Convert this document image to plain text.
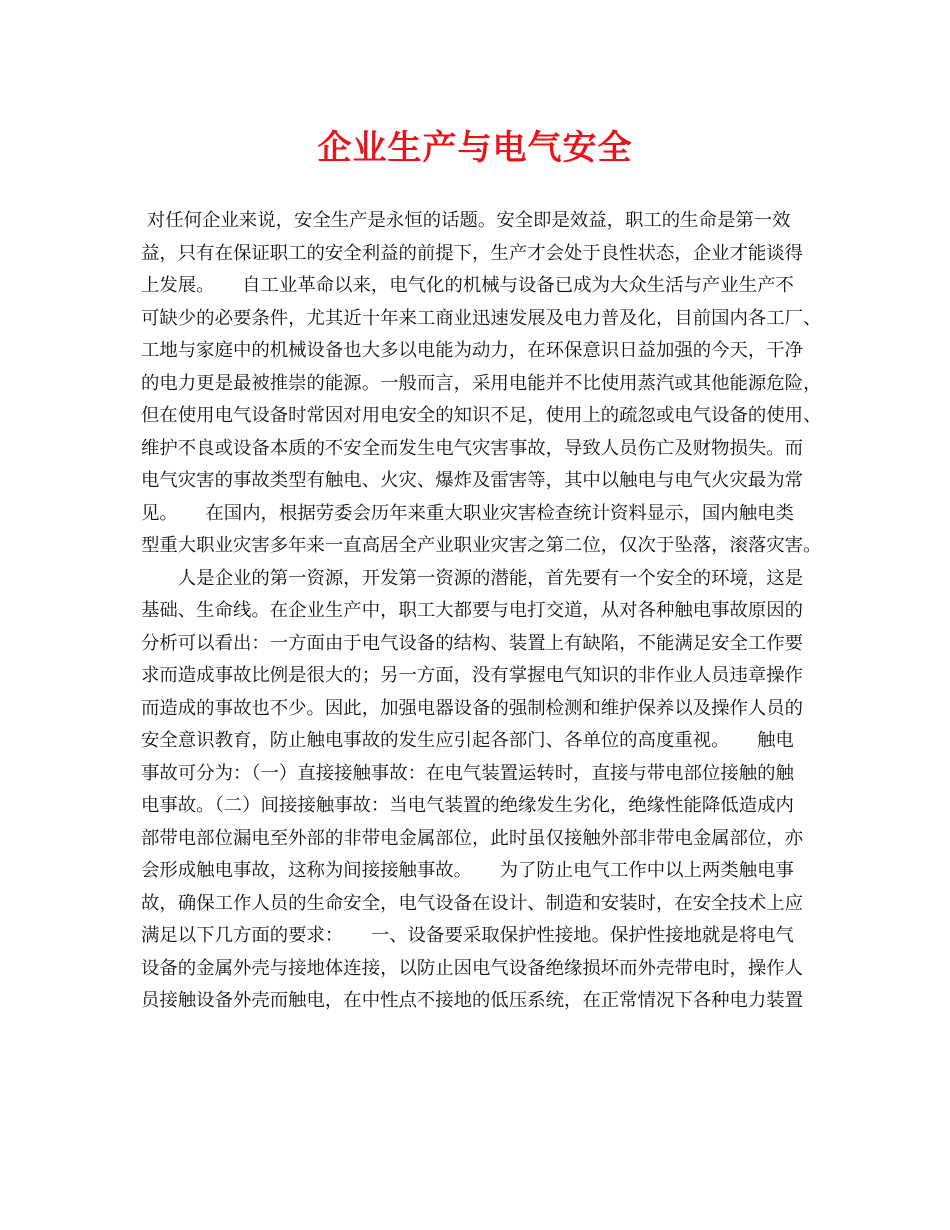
企业生产与电气安全
对任何企业来说，安全生产是永恒的话题。安全即是效益，职工的生命是第一效
益，只有在保证职工的安全利益的前提下，生产才会处于良性状态，企业才能谈得
上发展。　　自工业革命以来，电气化的机械与设备已成为大众生活与产业生产不
可缺少的必要条件，尤其近十年来工商业迅速发展及电力普及化，目前国内各工厂、
工地与家庭中的机械设备也大多以电能为动力，在环保意识日益加强的今天，干净
的电力更是最被推崇的能源。一般而言，采用电能并不比使用蒸汽或其他能源危险，
但在使用电气设备时常因对用电安全的知识不足，使用上的疏忽或电气设备的使用、
维护不良或设备本质的不安全而发生电气灾害事故，导致人员伤亡及财物损失。而
电气灾害的事故类型有触电、火灾、爆炸及雷害等，其中以触电与电气火灾最为常
见。　　在国内，根据劳委会历年来重大职业灾害检查统计资料显示，国内触电类
型重大职业灾害多年来一直高居全产业职业灾害之第二位，仅次于坠落，滚落灾害。
　　人是企业的第一资源，开发第一资源的潜能，首先要有一个安全的环境，这是
基础、生命线。在企业生产中，职工大都要与电打交道，从对各种触电事故原因的
分析可以看出：一方面由于电气设备的结构、装置上有缺陷，不能满足安全工作要
求而造成事故比例是很大的；另一方面，没有掌握电气知识的非作业人员违章操作
而造成的事故也不少。因此，加强电器设备的强制检测和维护保养以及操作人员的
安全意识教育，防止触电事故的发生应引起各部门、各单位的高度重视。　　触电
事故可分为：（一）直接接触事故：在电气装置运转时，直接与带电部位接触的触
电事故。（二）间接接触事故：当电气装置的绝缘发生劣化，绝缘性能降低造成内
部带电部位漏电至外部的非带电金属部位，此时虽仅接触外部非带电金属部位，亦
会形成触电事故，这称为间接接触事故。　　为了防止电气工作中以上两类触电事
故，确保工作人员的生命安全，电气设备在设计、制造和安装时，在安全技术上应
满足以下几方面的要求：　　一、设备要采取保护性接地。保护性接地就是将电气
设备的金属外壳与接地体连接，以防止因电气设备绝缘损坏而外壳带电时，操作人
员接触设备外壳而触电，在中性点不接地的低压系统，在正常情况下各种电力装置
